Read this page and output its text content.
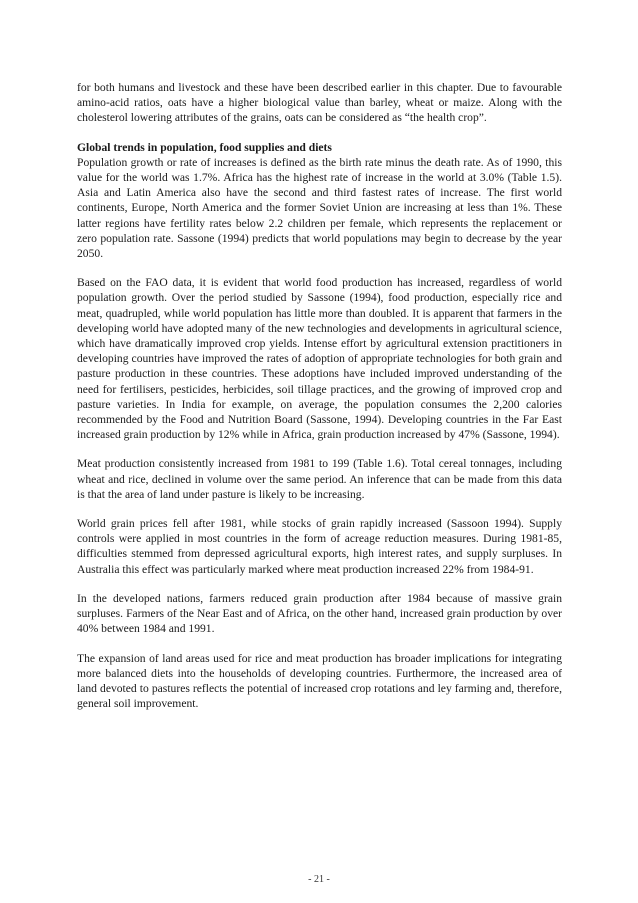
for both humans and livestock and these have been described earlier in this chapter. Due to favourable amino-acid ratios, oats have a higher biological value than barley, wheat or maize. Along with the cholesterol lowering attributes of the grains, oats can be considered as “the health crop”.

Global trends in population, food supplies and diets

Population growth or rate of increases is defined as the birth rate minus the death rate. As of 1990, this value for the world was 1.7%. Africa has the highest rate of increase in the world at 3.0% (Table 1.5). Asia and Latin America also have the second and third fastest rates of increase. The first world continents, Europe, North America and the former Soviet Union are increasing at less than 1%. These latter regions have fertility rates below 2.2 children per female, which represents the replacement or zero population rate. Sassone (1994) predicts that world populations may begin to decrease by the year 2050.

Based on the FAO data, it is evident that world food production has increased, regardless of world population growth. Over the period studied by Sassone (1994), food production, especially rice and meat, quadrupled, while world population has little more than doubled. It is apparent that farmers in the developing world have adopted many of the new technologies and developments in agricultural science, which have dramatically improved crop yields. Intense effort by agricultural extension practitioners in developing countries have improved the rates of adoption of appropriate technologies for both grain and pasture production in these countries. These adoptions have included improved understanding of the need for fertilisers, pesticides, herbicides, soil tillage practices, and the growing of improved crop and pasture varieties. In India for example, on average, the population consumes the 2,200 calories recommended by the Food and Nutrition Board (Sassone, 1994). Developing countries in the Far East increased grain production by 12% while in Africa, grain production increased by 47% (Sassone, 1994).

Meat production consistently increased from 1981 to 199 (Table 1.6). Total cereal tonnages, including wheat and rice, declined in volume over the same period. An inference that can be made from this data is that the area of land under pasture is likely to be increasing.

World grain prices fell after 1981, while stocks of grain rapidly increased (Sassoon 1994). Supply controls were applied in most countries in the form of acreage reduction measures. During 1981-85, difficulties stemmed from depressed agricultural exports, high interest rates, and supply surpluses. In Australia this effect was particularly marked where meat production increased 22% from 1984-91.

In the developed nations, farmers reduced grain production after 1984 because of massive grain surpluses. Farmers of the Near East and of Africa, on the other hand, increased grain production by over 40% between 1984 and 1991.

The expansion of land areas used for rice and meat production has broader implications for integrating more balanced diets into the households of developing countries. Furthermore, the increased area of land devoted to pastures reflects the potential of increased crop rotations and ley farming and, therefore, general soil improvement.

- 21 -
